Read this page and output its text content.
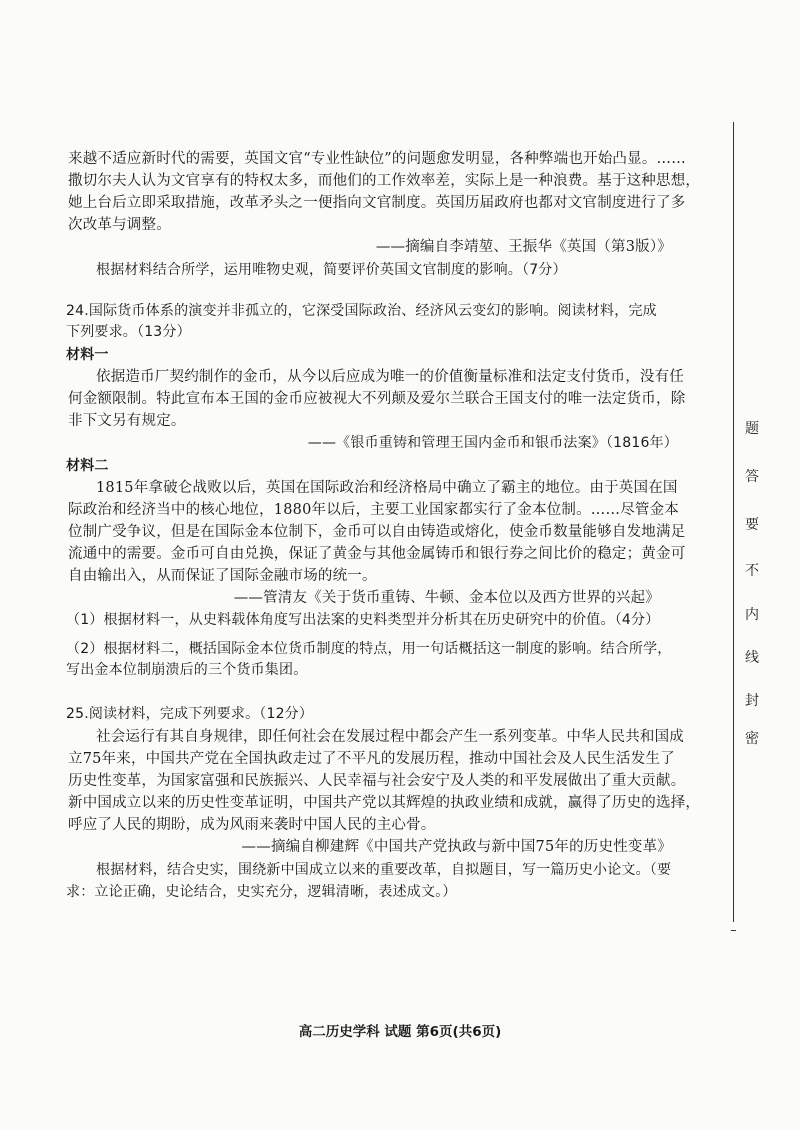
来越不适应新时代的需要，英国文官“专业性缺位”的问题愈发明显，各种弊端也开始凸显。……
撒切尔夫人认为文官享有的特权太多，而他们的工作效率差，实际上是一种浪费。基于这种思想，
她上台后立即采取措施，改革矛头之一便指向文官制度。英国历届政府也都对文官制度进行了多
次改革与调整。
——摘编自李靖堃、王振华《英国（第3版）》
根据材料结合所学，运用唯物史观，简要评价英国文官制度的影响。（7分）
24.国际货币体系的演变并非孤立的，它深受国际政治、经济风云变幻的影响。阅读材料，完成
下列要求。（13分）
材料一
依据造币厂契约制作的金币，从今以后应成为唯一的价值衡量标准和法定支付货币，没有任
何金额限制。特此宣布本王国的金币应被视大不列颠及爱尔兰联合王国支付的唯一法定货币，除
非下文另有规定。
——《银币重铸和管理王国内金币和银币法案》（1816年）
材料二
1815年拿破仑战败以后，英国在国际政治和经济格局中确立了霸主的地位。由于英国在国
际政治和经济当中的核心地位，1880年以后，主要工业国家都实行了金本位制。……尽管金本
位制广受争议，但是在国际金本位制下，金币可以自由铸造或熔化，使金币数量能够自发地满足
流通中的需要。金币可自由兑换，保证了黄金与其他金属铸币和银行券之间比价的稳定；黄金可
自由输出入，从而保证了国际金融市场的统一。
——管清友《关于货币重铸、牛顿、金本位以及西方世界的兴起》
（1）根据材料一，从史料载体角度写出法案的史料类型并分析其在历史研究中的价值。（4分）
（2）根据材料二，概括国际金本位货币制度的特点，用一句话概括这一制度的影响。结合所学，
写出金本位制崩溃后的三个货币集团。
25.阅读材料，完成下列要求。（12分）
社会运行有其自身规律，即任何社会在发展过程中都会产生一系列变革。中华人民共和国成
立75年来，中国共产党在全国执政走过了不平凡的发展历程，推动中国社会及人民生活发生了
历史性变革，为国家富强和民族振兴、人民幸福与社会安宁及人类的和平发展做出了重大贡献。
新中国成立以来的历史性变革证明，中国共产党以其辉煌的执政业绩和成就，赢得了历史的选择，
呼应了人民的期盼，成为风雨来袭时中国人民的主心骨。
——摘编自柳建辉《中国共产党执政与新中国75年的历史性变革》
根据材料，结合史实，围绕新中国成立以来的重要改革，自拟题目，写一篇历史小论文。（要
求：立论正确，史论结合，史实充分，逻辑清晰，表述成文。）
题
答
要
不
内
线
封
密
高二历史学科 试题 第6页(共6页)
